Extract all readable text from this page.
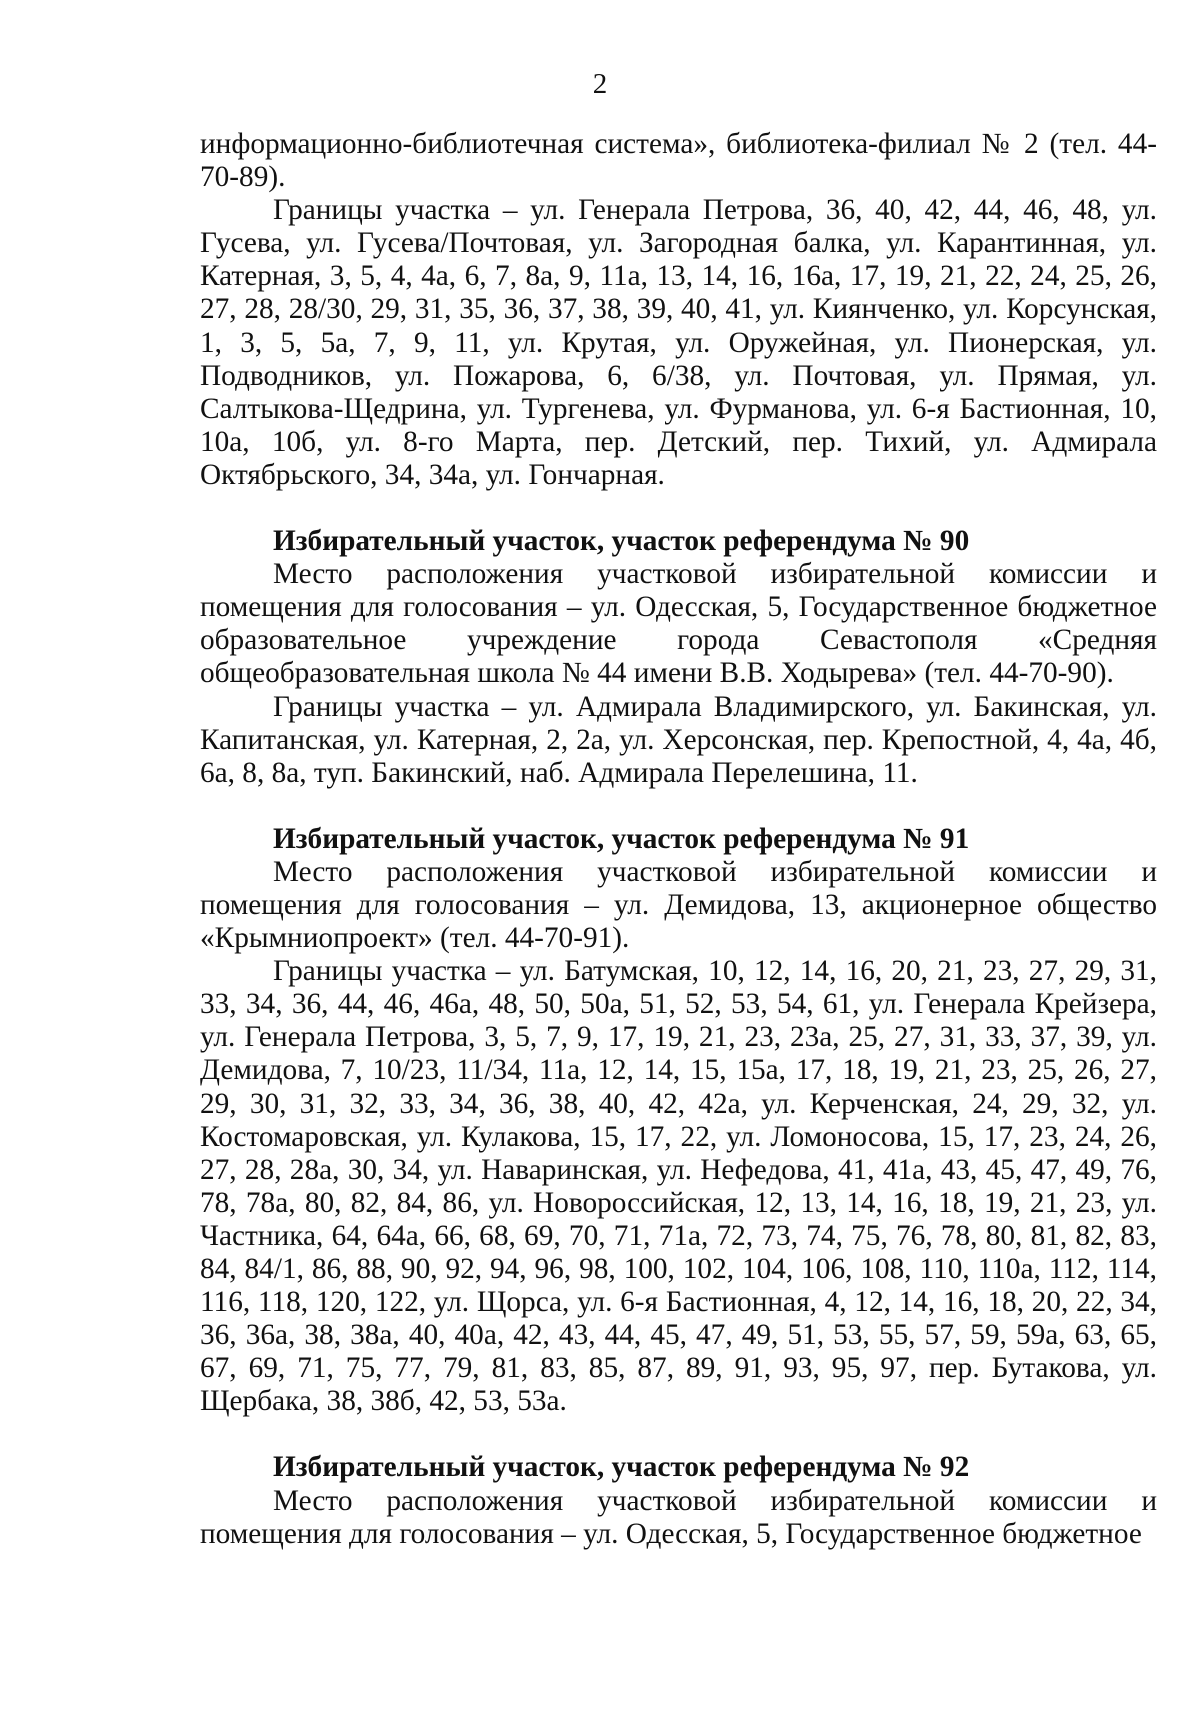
2

информационно-библиотечная система», библиотека-филиал № 2 (тел. 44-70-89).

Границы участка – ул. Генерала Петрова, 36, 40, 42, 44, 46, 48, ул. Гусева, ул. Гусева/Почтовая, ул. Загородная балка, ул. Карантинная, ул. Катерная, 3, 5, 4, 4а, 6, 7, 8а, 9, 11а, 13, 14, 16, 16а, 17, 19, 21, 22, 24, 25, 26, 27, 28, 28/30, 29, 31, 35, 36, 37, 38, 39, 40, 41, ул. Киянченко, ул. Корсунская, 1, 3, 5, 5а, 7, 9, 11, ул. Крутая, ул. Оружейная, ул. Пионерская, ул. Подводников, ул. Пожарова, 6, 6/38, ул. Почтовая, ул. Прямая, ул. Салтыкова-Щедрина, ул. Тургенева, ул. Фурманова, ул. 6-я Бастионная, 10, 10а, 10б, ул. 8-го Марта, пер. Детский, пер. Тихий, ул. Адмирала Октябрьского, 34, 34а, ул. Гончарная.

Избирательный участок, участок референдума № 90

Место расположения участковой избирательной комиссии и помещения для голосования – ул. Одесская, 5, Государственное бюджетное образовательное учреждение города Севастополя «Средняя общеобразовательная школа № 44 имени В.В. Ходырева» (тел. 44-70-90).

Границы участка – ул. Адмирала Владимирского, ул. Бакинская, ул. Капитанская, ул. Катерная, 2, 2а, ул. Херсонская, пер. Крепостной, 4, 4а, 4б, 6а, 8, 8а, туп. Бакинский, наб. Адмирала Перелешина, 11.

Избирательный участок, участок референдума № 91

Место расположения участковой избирательной комиссии и помещения для голосования – ул. Демидова, 13, акционерное общество «Крымниопроект» (тел. 44-70-91).

Границы участка – ул. Батумская, 10, 12, 14, 16, 20, 21, 23, 27, 29, 31, 33, 34, 36, 44, 46, 46а, 48, 50, 50а, 51, 52, 53, 54, 61, ул. Генерала Крейзера, ул. Генерала Петрова, 3, 5, 7, 9, 17, 19, 21, 23, 23а, 25, 27, 31, 33, 37, 39, ул. Демидова, 7, 10/23, 11/34, 11а, 12, 14, 15, 15а, 17, 18, 19, 21, 23, 25, 26, 27, 29, 30, 31, 32, 33, 34, 36, 38, 40, 42, 42а, ул. Керченская, 24, 29, 32, ул. Костомаровская, ул. Кулакова, 15, 17, 22, ул. Ломоносова, 15, 17, 23, 24, 26, 27, 28, 28а, 30, 34, ул. Наваринская, ул. Нефедова, 41, 41а, 43, 45, 47, 49, 76, 78, 78а, 80, 82, 84, 86, ул. Новороссийская, 12, 13, 14, 16, 18, 19, 21, 23, ул. Частника, 64, 64а, 66, 68, 69, 70, 71, 71а, 72, 73, 74, 75, 76, 78, 80, 81, 82, 83, 84, 84/1, 86, 88, 90, 92, 94, 96, 98, 100, 102, 104, 106, 108, 110, 110а, 112, 114, 116, 118, 120, 122, ул. Щорса, ул. 6-я Бастионная, 4, 12, 14, 16, 18, 20, 22, 34, 36, 36а, 38, 38а, 40, 40а, 42, 43, 44, 45, 47, 49, 51, 53, 55, 57, 59, 59а, 63, 65, 67, 69, 71, 75, 77, 79, 81, 83, 85, 87, 89, 91, 93, 95, 97, пер. Бутакова, ул. Щербака, 38, 38б, 42, 53, 53а.

Избирательный участок, участок референдума № 92

Место расположения участковой избирательной комиссии и помещения для голосования – ул. Одесская, 5, Государственное бюджетное
